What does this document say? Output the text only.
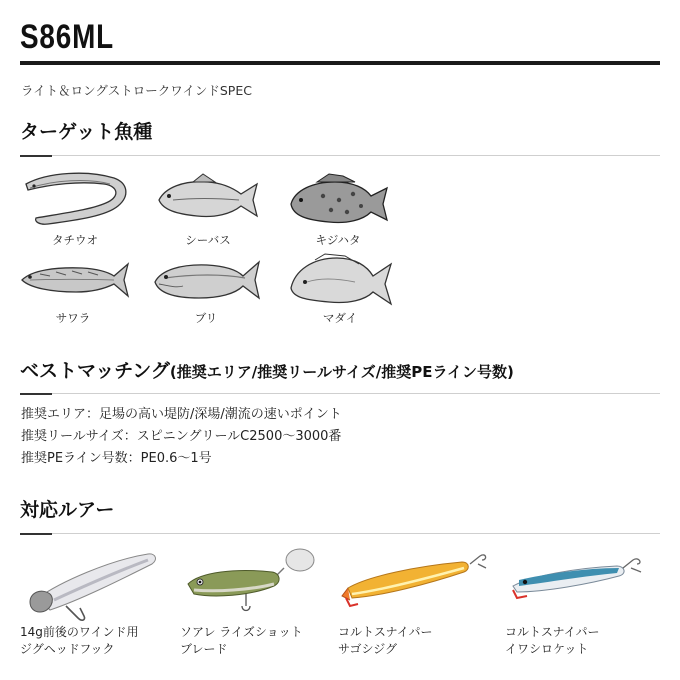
S86ML
ライト＆ロングストロークワインドSPEC
ターゲット魚種
タチウオ	シーバス	キジハタ
サワラ	ブリ	マダイ
ベストマッチング(推奨エリア/推奨リールサイズ/推奨PEライン号数)
推奨エリア：足場の高い堤防/深場/潮流の速いポイント
推奨リールサイズ：スピニングリールC2500〜3000番
推奨PEライン号数：PE0.6〜1号
対応ルアー
14g前後のワインド用
ジグヘッドフック
ソアレ ライズショット
ブレード
コルトスナイパー
サゴシジグ
コルトスナイパー
イワシロケット
